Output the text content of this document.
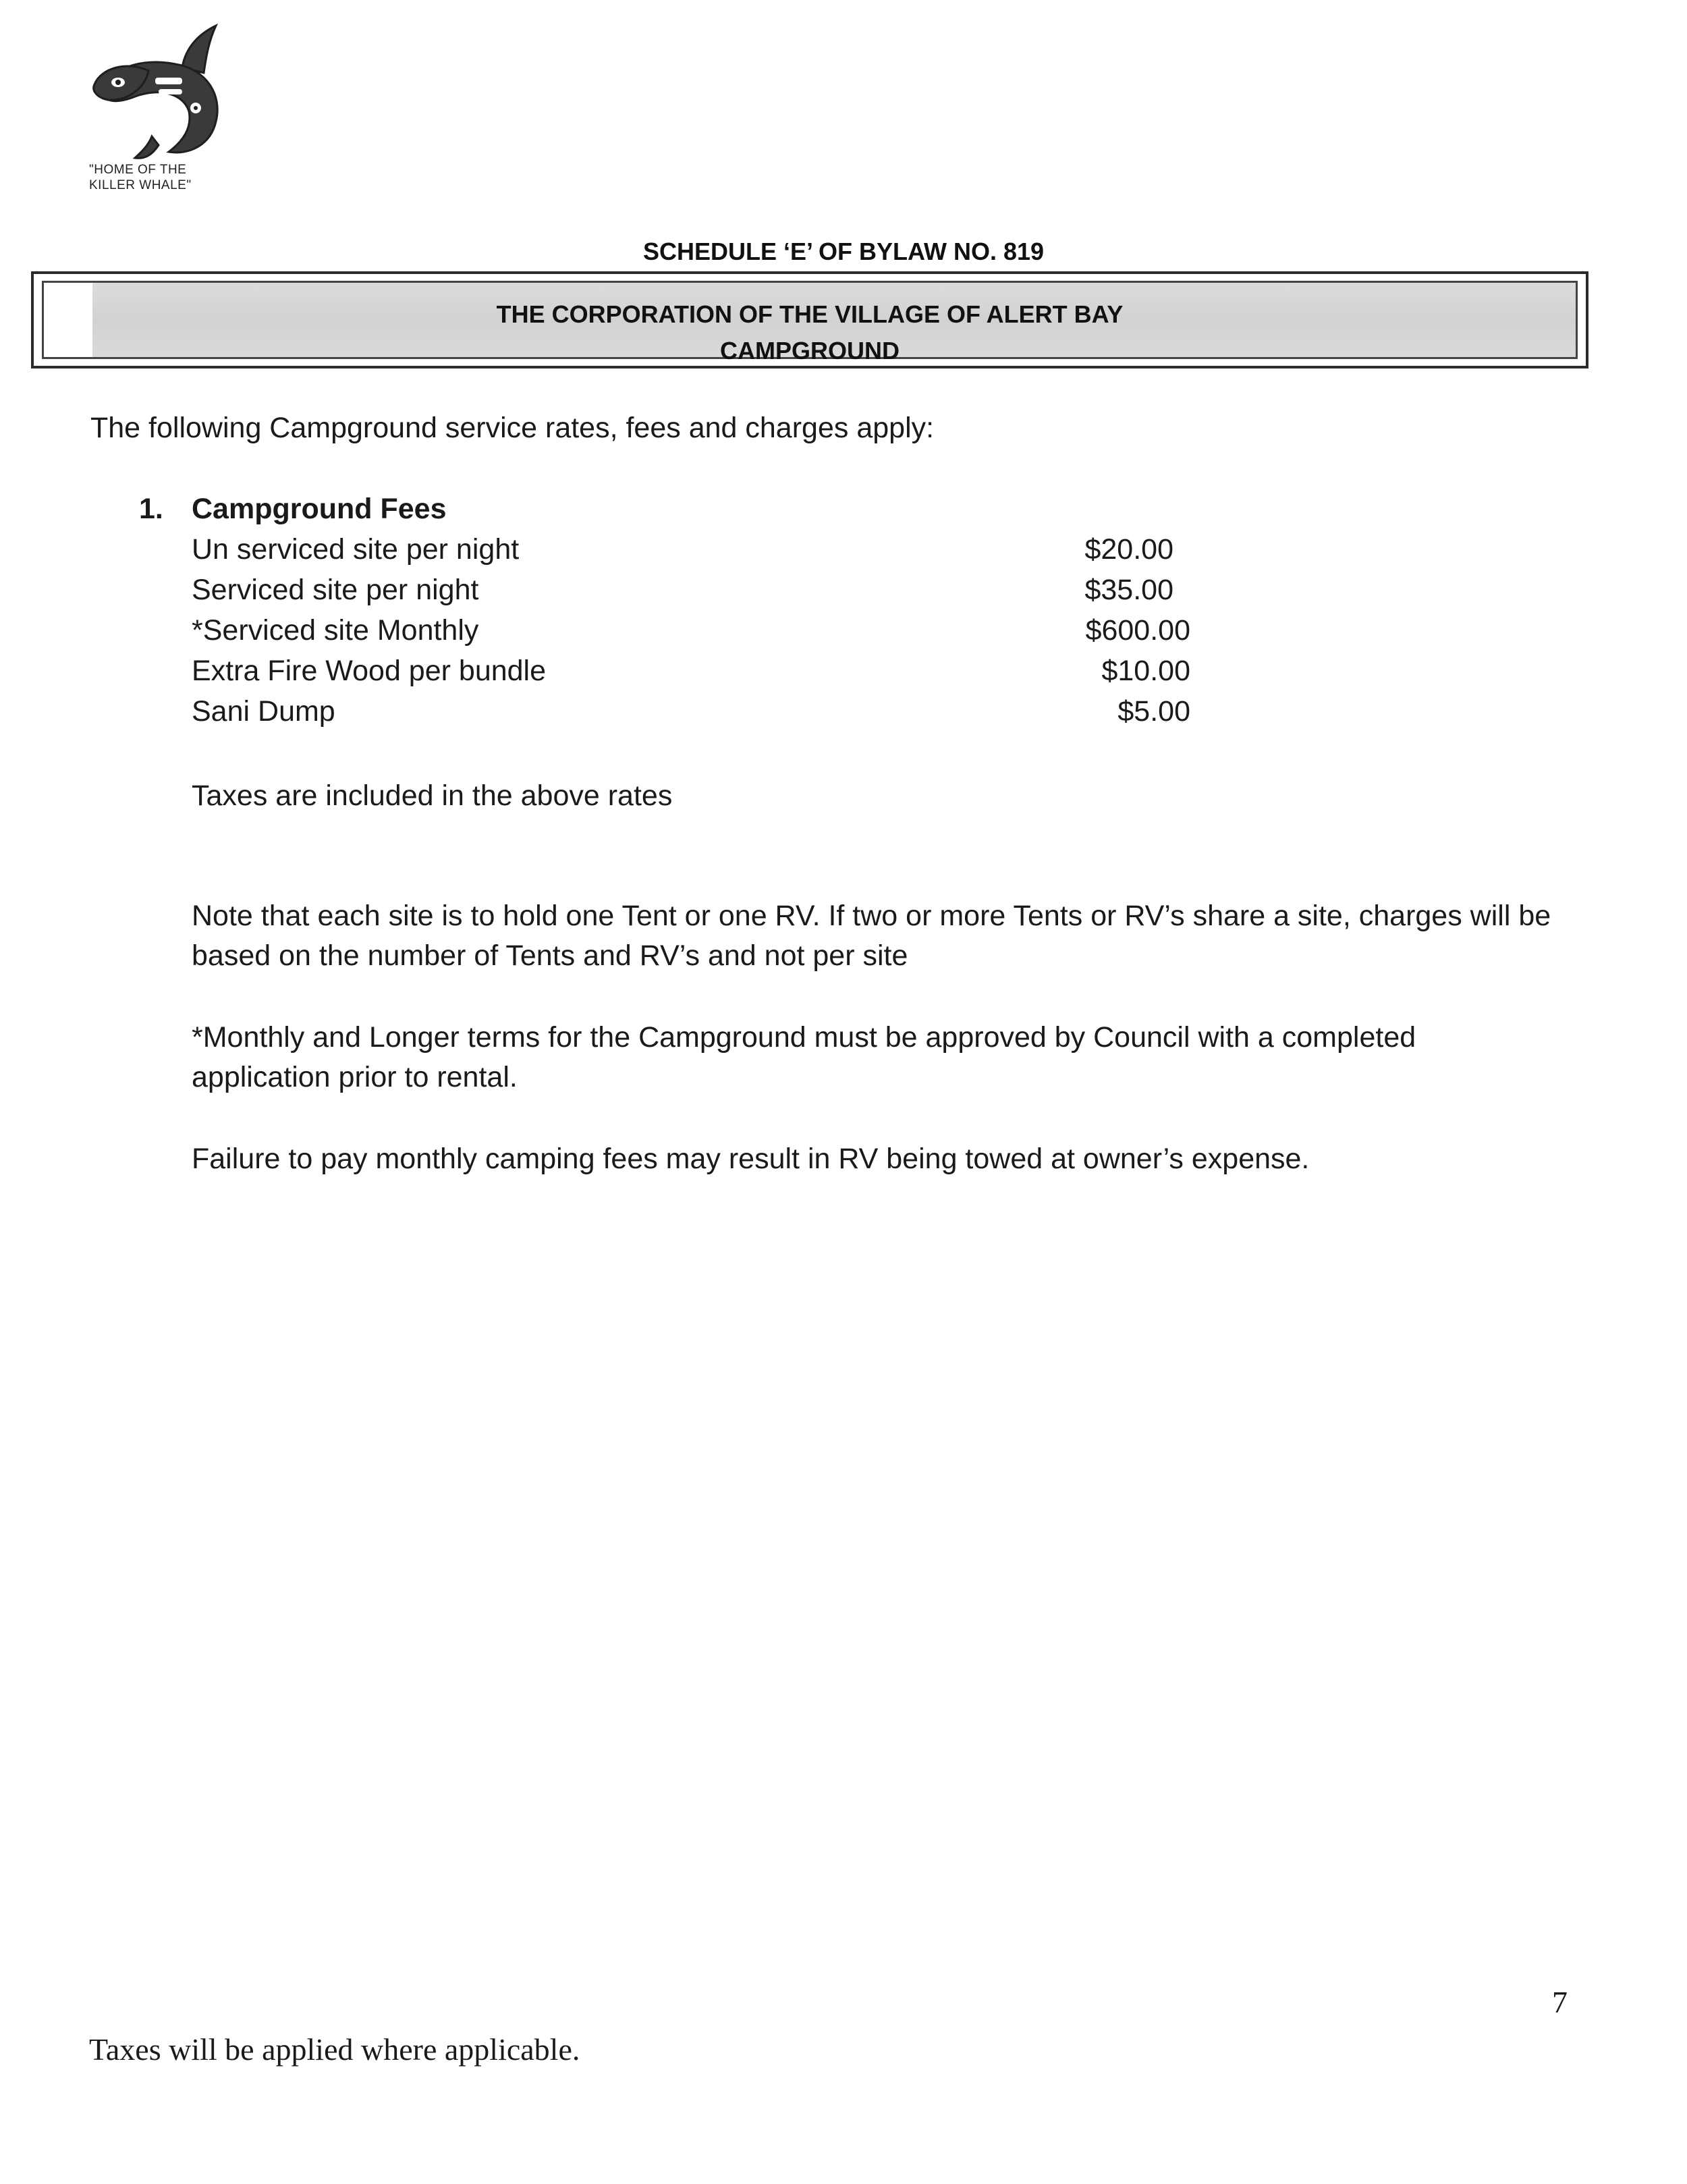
"HOME OF THE
KILLER WHALE"
SCHEDULE ‘E’ OF BYLAW NO. 819
THE CORPORATION OF THE VILLAGE OF ALERT BAY
CAMPGROUND
The following Campground service rates, fees and charges apply:
1. Campground Fees
Un serviced site per night	$20.00
Serviced site per night	$35.00
*Serviced site Monthly	$600.00
Extra Fire Wood per bundle	$10.00
Sani Dump	$5.00
Taxes are included in the above rates
Note that each site is to hold one Tent or one RV. If two or more Tents or RV’s share a site, charges will be based on the number of Tents and RV’s and not per site
*Monthly and Longer terms for the Campground must be approved by Council with a completed application prior to rental.
Failure to pay monthly camping fees may result in RV being towed at owner’s expense.
7
Taxes will be applied where applicable.
